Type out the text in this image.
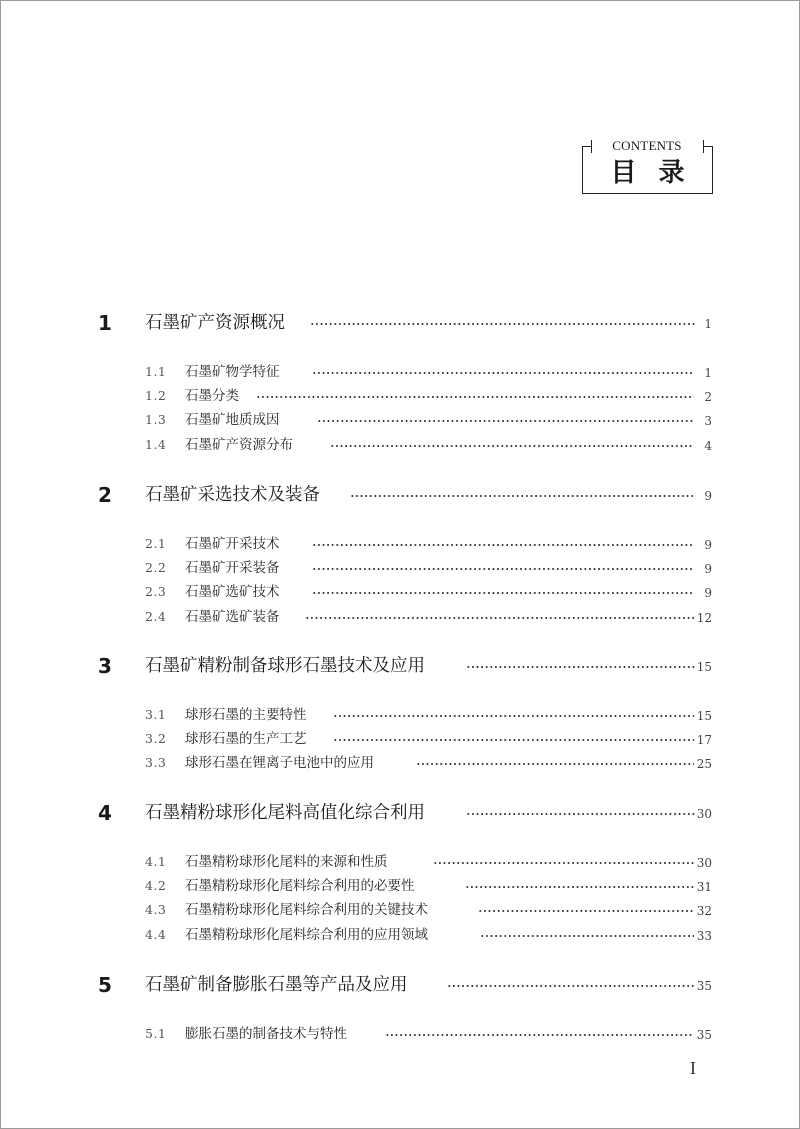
CONTENTS
目录
1 石墨矿产资源概况	1
1.1 石墨矿物学特征	1
1.2 石墨分类	2
1.3 石墨矿地质成因	3
1.4 石墨矿产资源分布	4
2 石墨矿采选技术及装备	9
2.1 石墨矿开采技术	9
2.2 石墨矿开采装备	9
2.3 石墨矿选矿技术	9
2.4 石墨矿选矿装备	12
3 石墨矿精粉制备球形石墨技术及应用	15
3.1 球形石墨的主要特性	15
3.2 球形石墨的生产工艺	17
3.3 球形石墨在锂离子电池中的应用	25
4 石墨精粉球形化尾料高值化综合利用	30
4.1 石墨精粉球形化尾料的来源和性质	30
4.2 石墨精粉球形化尾料综合利用的必要性	31
4.3 石墨精粉球形化尾料综合利用的关键技术	32
4.4 石墨精粉球形化尾料综合利用的应用领域	33
5 石墨矿制备膨胀石墨等产品及应用	35
5.1 膨胀石墨的制备技术与特性	35
I
